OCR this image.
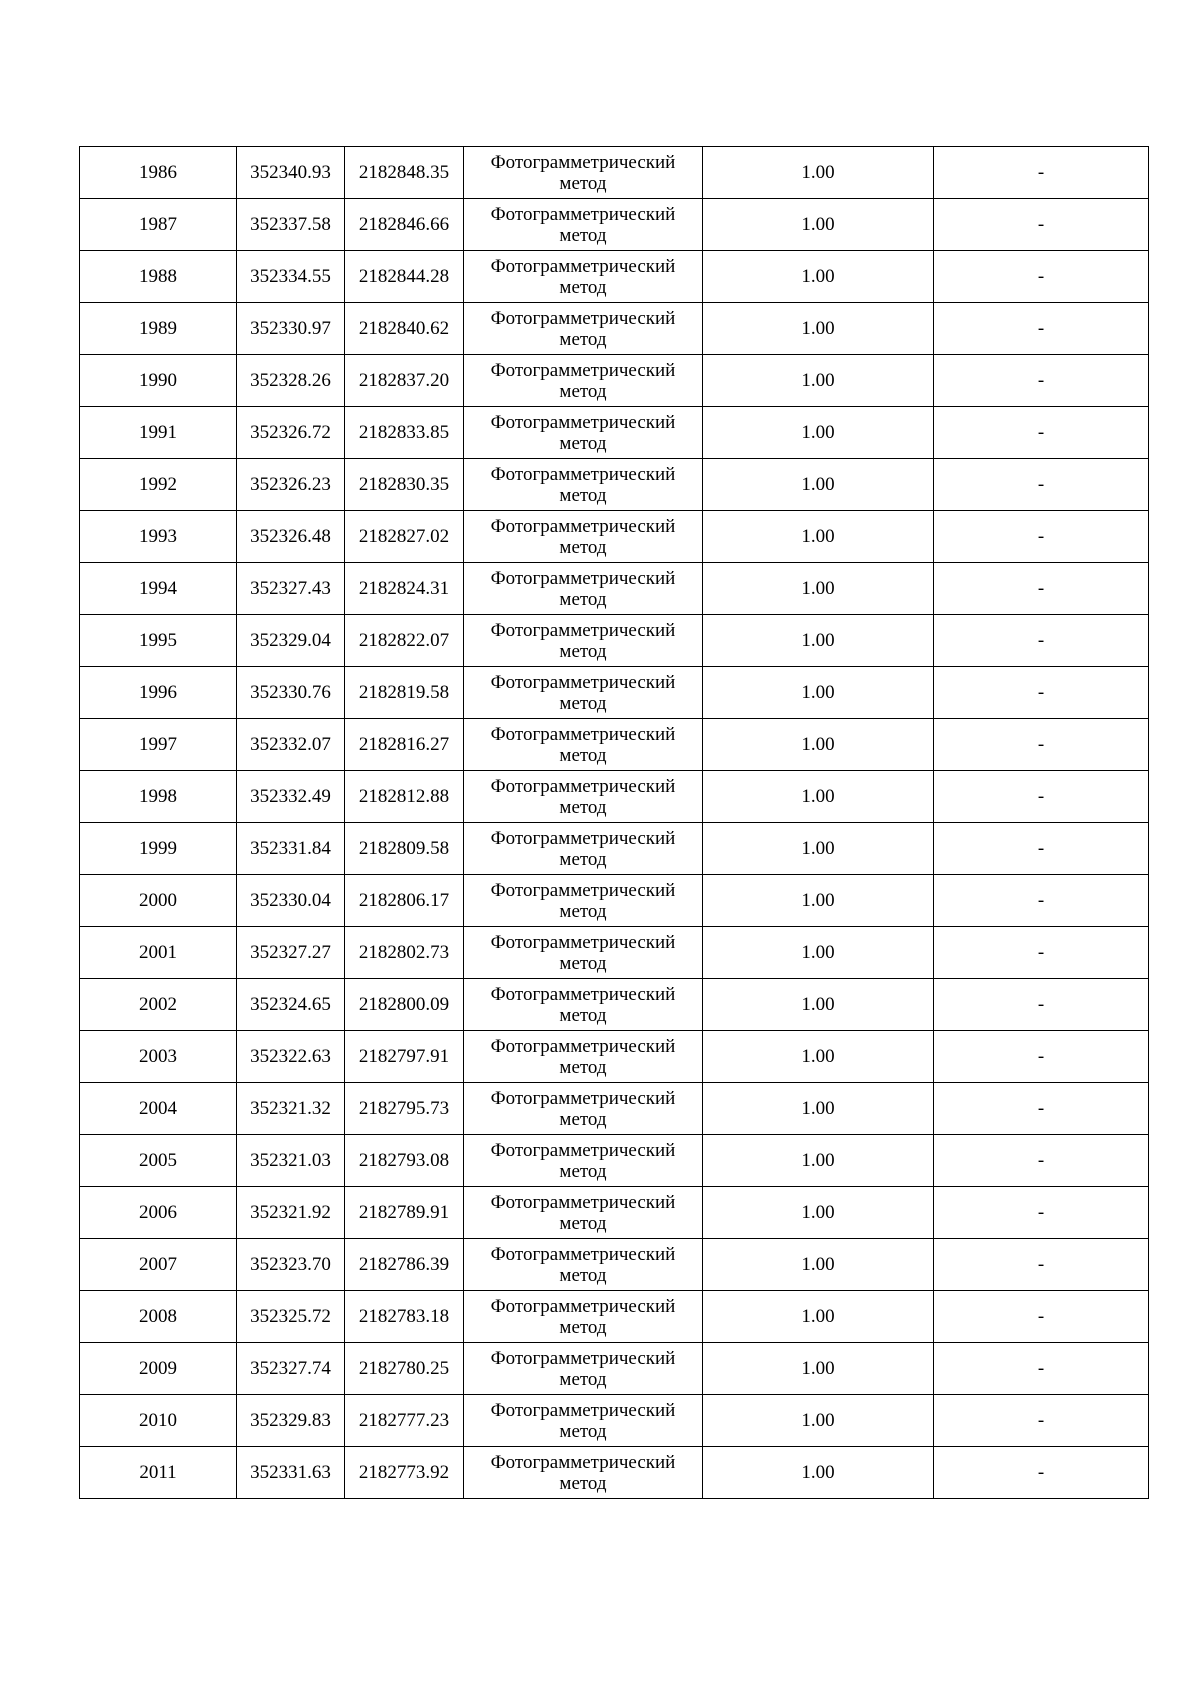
1986	352340.93	2182848.35	Фотограмметрический
метод	1.00	-
1987	352337.58	2182846.66	Фотограмметрический
метод	1.00	-
1988	352334.55	2182844.28	Фотограмметрический
метод	1.00	-
1989	352330.97	2182840.62	Фотограмметрический
метод	1.00	-
1990	352328.26	2182837.20	Фотограмметрический
метод	1.00	-
1991	352326.72	2182833.85	Фотограмметрический
метод	1.00	-
1992	352326.23	2182830.35	Фотограмметрический
метод	1.00	-
1993	352326.48	2182827.02	Фотограмметрический
метод	1.00	-
1994	352327.43	2182824.31	Фотограмметрический
метод	1.00	-
1995	352329.04	2182822.07	Фотограмметрический
метод	1.00	-
1996	352330.76	2182819.58	Фотограмметрический
метод	1.00	-
1997	352332.07	2182816.27	Фотограмметрический
метод	1.00	-
1998	352332.49	2182812.88	Фотограмметрический
метод	1.00	-
1999	352331.84	2182809.58	Фотограмметрический
метод	1.00	-
2000	352330.04	2182806.17	Фотограмметрический
метод	1.00	-
2001	352327.27	2182802.73	Фотограмметрический
метод	1.00	-
2002	352324.65	2182800.09	Фотограмметрический
метод	1.00	-
2003	352322.63	2182797.91	Фотограмметрический
метод	1.00	-
2004	352321.32	2182795.73	Фотограмметрический
метод	1.00	-
2005	352321.03	2182793.08	Фотограмметрический
метод	1.00	-
2006	352321.92	2182789.91	Фотограмметрический
метод	1.00	-
2007	352323.70	2182786.39	Фотограмметрический
метод	1.00	-
2008	352325.72	2182783.18	Фотограмметрический
метод	1.00	-
2009	352327.74	2182780.25	Фотограмметрический
метод	1.00	-
2010	352329.83	2182777.23	Фотограмметрический
метод	1.00	-
2011	352331.63	2182773.92	Фотограмметрический
метод	1.00	-
